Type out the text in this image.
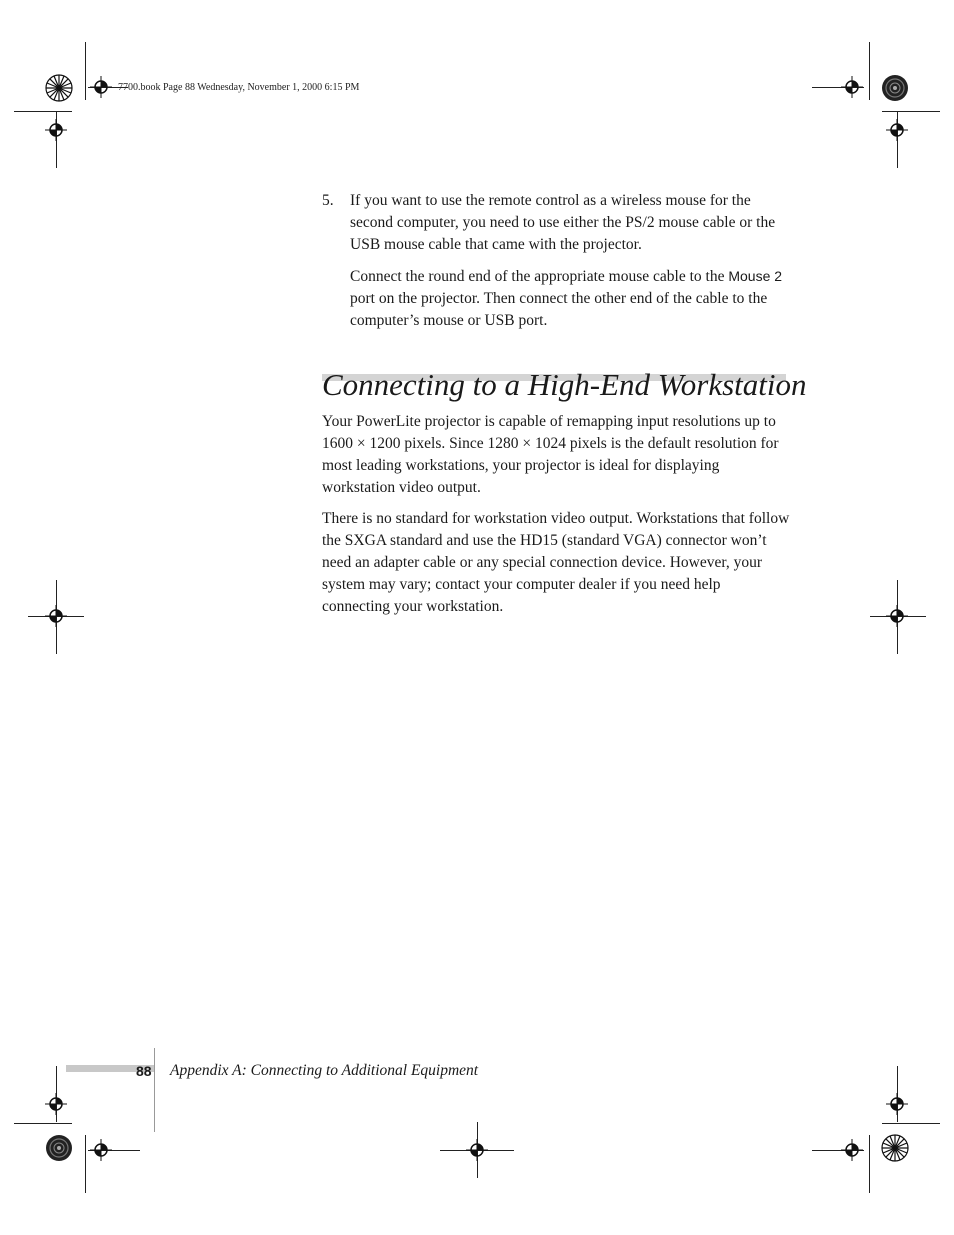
7700.book Page 88 Wednesday, November 1, 2000 6:15 PM
5. If you want to use the remote control as a wireless mouse for the second computer, you need to use either the PS/2 mouse cable or the USB mouse cable that came with the projector.

Connect the round end of the appropriate mouse cable to the Mouse 2 port on the projector. Then connect the other end of the cable to the computer’s mouse or USB port.

Connecting to a High-End Workstation

Your PowerLite projector is capable of remapping input resolutions up to 1600 × 1200 pixels. Since 1280 × 1024 pixels is the default resolution for most leading workstations, your projector is ideal for displaying workstation video output.

There is no standard for workstation video output. Workstations that follow the SXGA standard and use the HD15 (standard VGA) connector won’t need an adapter cable or any special connection device. However, your system may vary; contact your computer dealer if you need help connecting your workstation.

88 Appendix A: Connecting to Additional Equipment
